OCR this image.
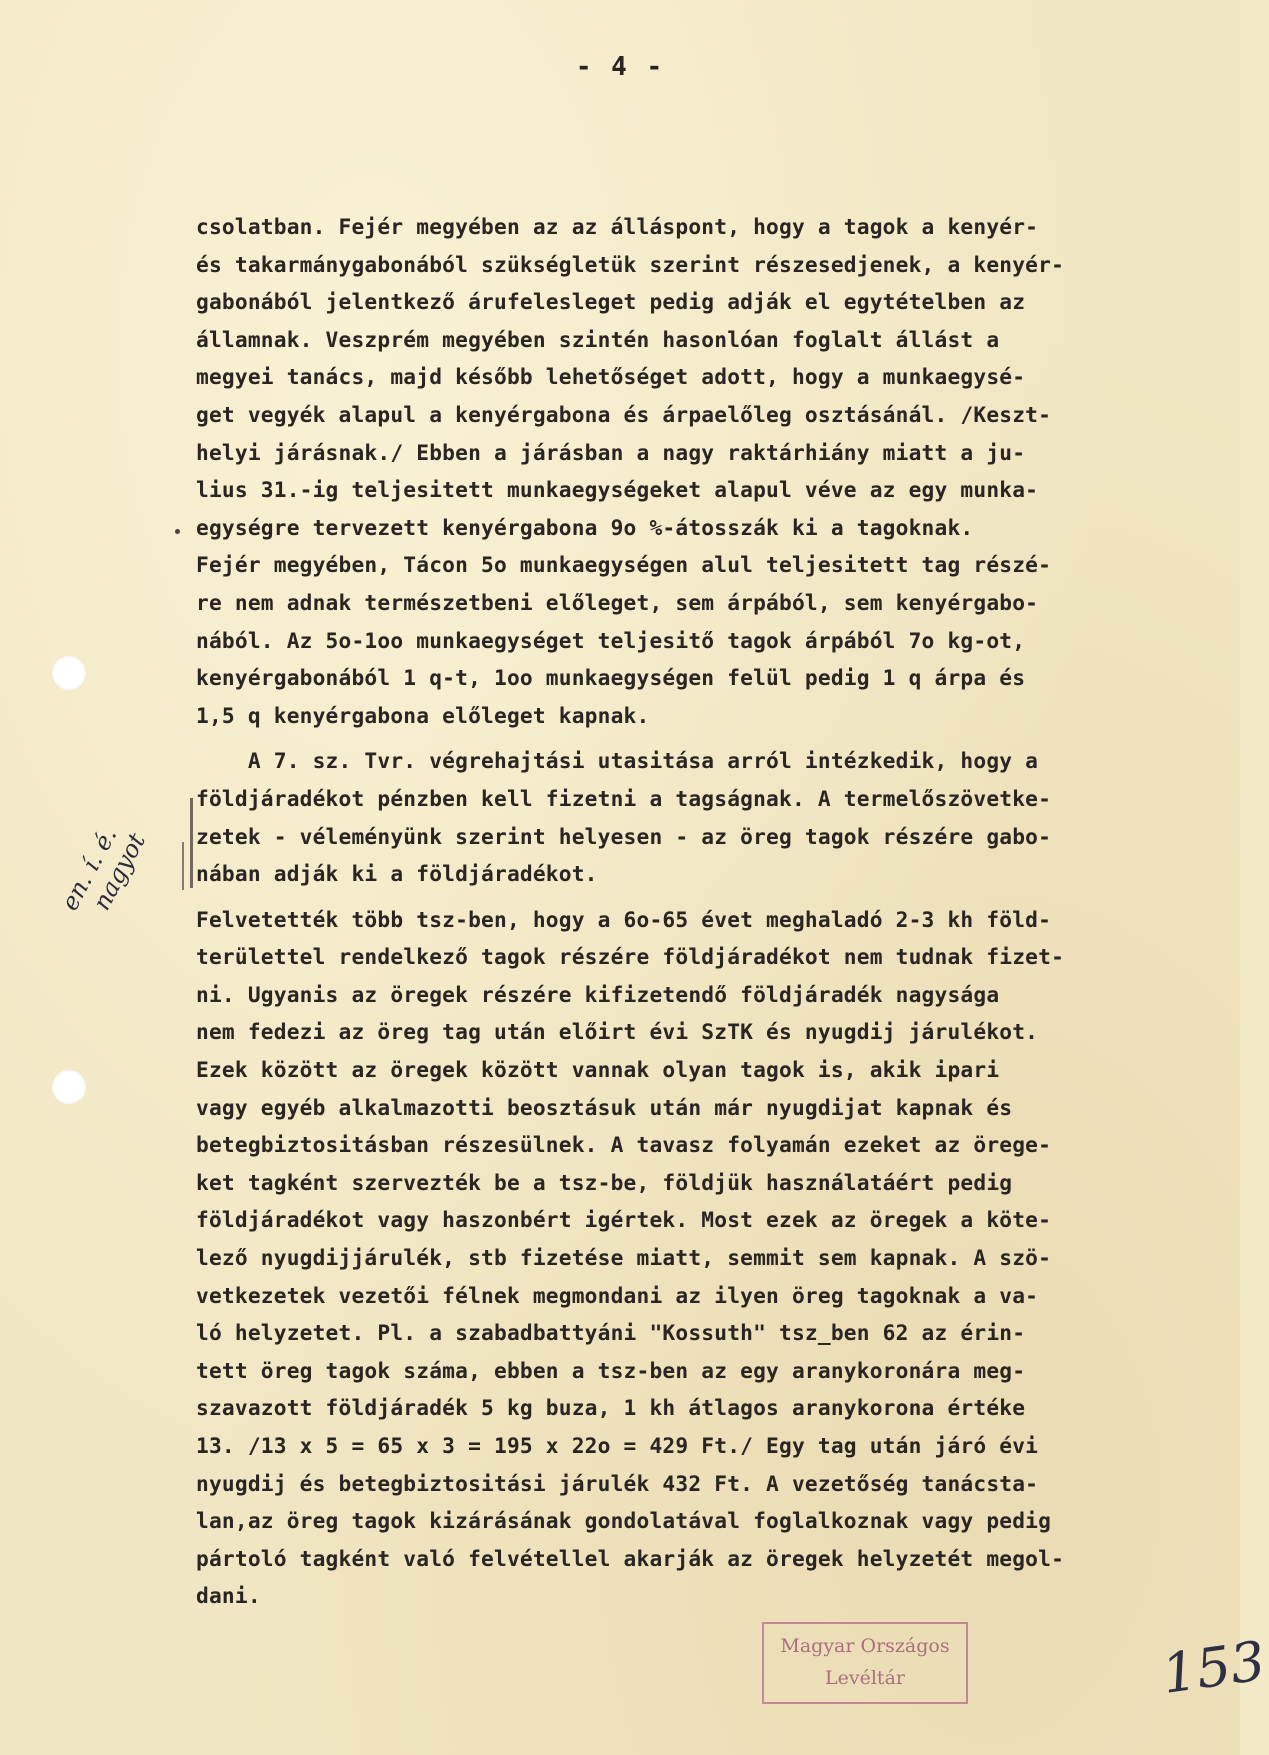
- 4 -
csolatban. Fejér megyében az az álláspont, hogy a tagok a kenyér-
és takarmánygabonából szükségletük szerint részesedjenek, a kenyér-
gabonából jelentkező árufelesleget pedig adják el egytételben az
államnak. Veszprém megyében szintén hasonlóan foglalt állást a
megyei tanács, majd később lehetőséget adott, hogy a munkaegysé-
get vegyék alapul a kenyérgabona és árpaelőleg osztásánál. /Keszt-
helyi járásnak./ Ebben a járásban a nagy raktárhiány miatt a ju-
lius 31.-ig teljesitett munkaegységeket alapul véve az egy munka-
egységre tervezett kenyérgabona 9o %-átosszák ki a tagoknak.
Fejér megyében, Tácon 5o munkaegységen alul teljesitett tag részé-
re nem adnak természetbeni előleget, sem árpából, sem kenyérgabo-
nából. Az 5o-1oo munkaegységet teljesitő tagok árpából 7o kg-ot,
kenyérgabonából 1 q-t, 1oo munkaegységen felül pedig 1 q árpa és
1,5 q kenyérgabona előleget kapnak.
A 7. sz. Tvr. végrehajtási utasitása arról intézkedik, hogy a
földjáradékot pénzben kell fizetni a tagságnak. A termelőszövetke-
zetek - véleményünk szerint helyesen - az öreg tagok részére gabo-
nában adják ki a földjáradékot.
Felvetették több tsz-ben, hogy a 6o-65 évet meghaladó 2-3 kh föld-
területtel rendelkező tagok részére földjáradékot nem tudnak fizet-
ni. Ugyanis az öregek részére kifizetendő földjáradék nagysága
nem fedezi az öreg tag után előirt évi SzTK és nyugdij járulékot.
Ezek között az öregek között vannak olyan tagok is, akik ipari
vagy egyéb alkalmazotti beosztásuk után már nyugdijat kapnak és
betegbiztositásban részesülnek. A tavasz folyamán ezeket az örege-
ket tagként szervezték be a tsz-be, földjük használatáért pedig
földjáradékot vagy haszonbért igértek. Most ezek az öregek a köte-
lező nyugdijjárulék, stb fizetése miatt, semmit sem kapnak. A szö-
vetkezetek vezetői félnek megmondani az ilyen öreg tagoknak a va-
ló helyzetet. Pl. a szabadbattyáni "Kossuth" tsz_ben 62 az érin-
tett öreg tagok száma, ebben a tsz-ben az egy aranykoronára meg-
szavazott földjáradék 5 kg buza, 1 kh átlagos aranykorona értéke
13. /13 x 5 = 65 x 3 = 195 x 22o = 429 Ft./ Egy tag után járó évi
nyugdij és betegbiztositási járulék 432 Ft. A vezetőség tanácsta-
lan,az öreg tagok kizárásának gondolatával foglalkoznak vagy pedig
pártoló tagként való felvétellel akarják az öregek helyzetét megol-
dani.
en. í. é.
nagyot
Magyar Országos
Levéltár	153
